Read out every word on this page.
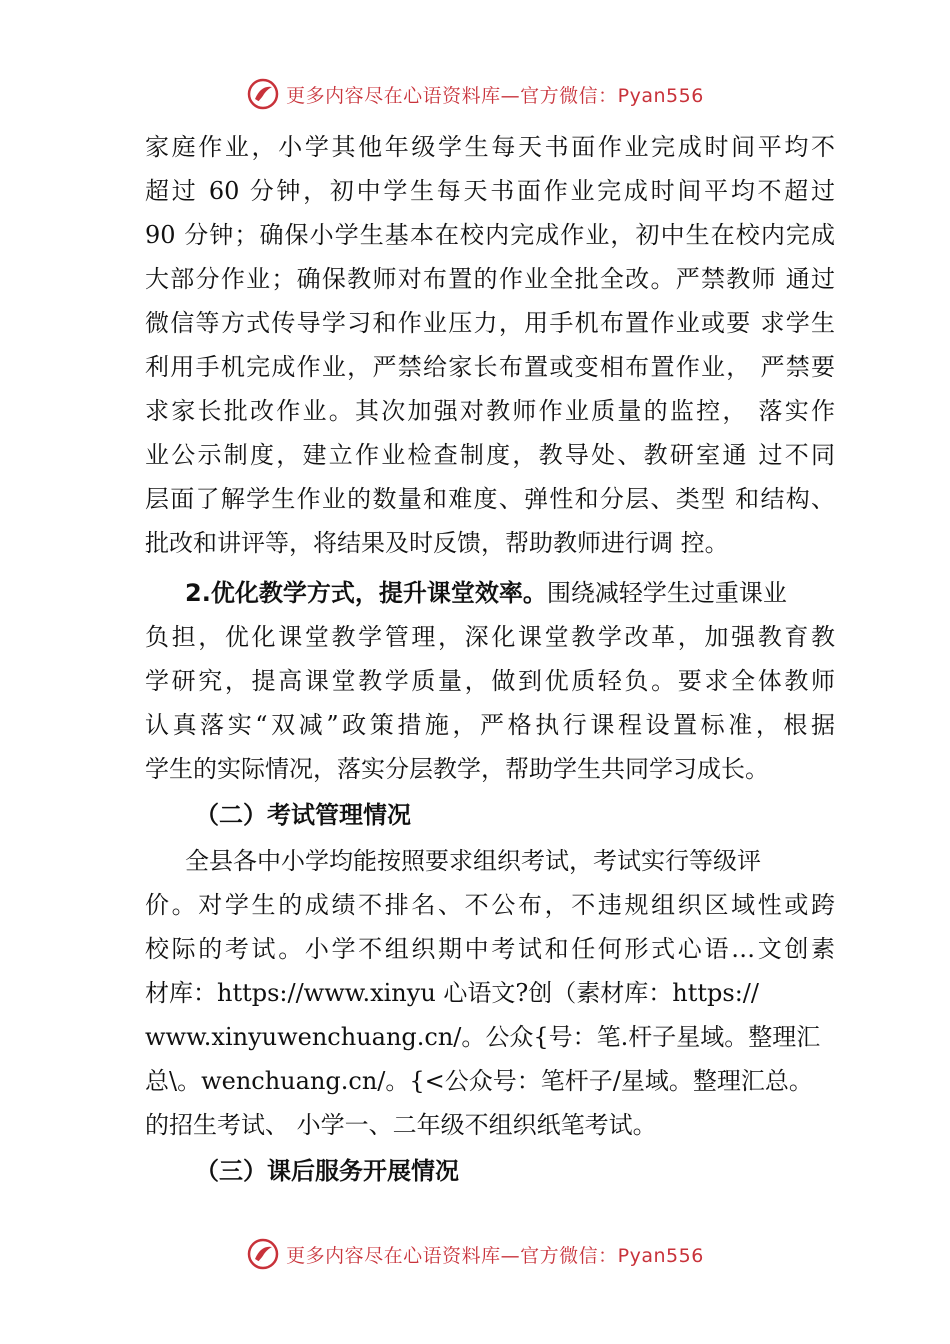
更多内容尽在心语资料库—官方微信：Pyan556
家庭作业，小学其他年级学生每天书面作业完成时间平均不
超过 60 分钟，初中学生每天书面作业完成时间平均不超过
90 分钟；确保小学生基本在校内完成作业，初中生在校内完成
大部分作业；确保教师对布置的作业全批全改。严禁教师 通过
微信等方式传导学习和作业压力，用手机布置作业或要 求学生
利用手机完成作业，严禁给家长布置或变相布置作业， 严禁要
求家长批改作业。其次加强对教师作业质量的监控， 落实作
业公示制度，建立作业检查制度，教导处、教研室通 过不同
层面了解学生作业的数量和难度、弹性和分层、类型 和结构、
批改和讲评等，将结果及时反馈，帮助教师进行调 控。
2.优化教学方式，提升课堂效率。围绕减轻学生过重课业
负担，优化课堂教学管理，深化课堂教学改革，加强教育教
学研究，提高课堂教学质量，做到优质轻负。要求全体教师
认真落实“双减”政策措施，严格执行课程设置标准，根据
学生的实际情况，落实分层教学，帮助学生共同学习成长。
（二）考试管理情况
全县各中小学均能按照要求组织考试，考试实行等级评
价。对学生的成绩不排名、不公布，不违规组织区域性或跨
校际的考试。小学不组织期中考试和任何形式心语…文创素
材库：https://www.xinyu 心语文?创（素材库：https://
www.xinyuwenchuang.cn/。公众{号：笔.杆子星域。整理汇
总\。wenchuang.cn/。{<公众号：笔杆子/星域。整理汇总。
的招生考试、 小学一、二年级不组织纸笔考试。
（三）课后服务开展情况
更多内容尽在心语资料库—官方微信：Pyan556
